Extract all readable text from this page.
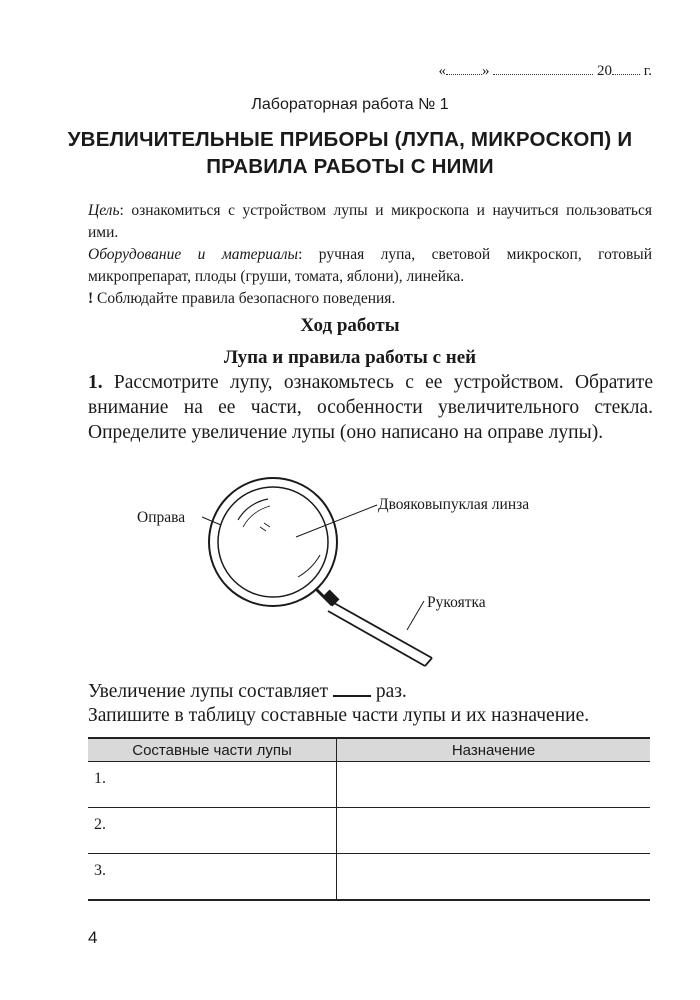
« »	20 г.
Лабораторная работа № 1
УВЕЛИЧИТЕЛЬНЫЕ ПРИБОРЫ (ЛУПА, МИКРОСКОП) И ПРАВИЛА РАБОТЫ С НИМИ
Цель: ознакомиться с устройством лупы и микроскопа и научиться пользоваться ими.
Оборудование и материалы: ручная лупа, световой микроскоп, готовый микропрепарат, плоды (груши, томата, яблони), линейка.
! Соблюдайте правила безопасного поведения.
Ход работы
Лупа и правила работы с ней
1. Рассмотрите лупу, ознакомьтесь с ее устройством. Обратите внимание на ее части, особенности увеличительного стекла. Определите увеличение лупы (оно написано на оправе лупы).
Оправа
Двояковыпуклая линза
Рукоятка
Увеличение лупы составляет  раз.
Запишите в таблицу составные части лупы и их назначение.
Составные части лупы	Назначение
1.	
2.	
3.	
4
